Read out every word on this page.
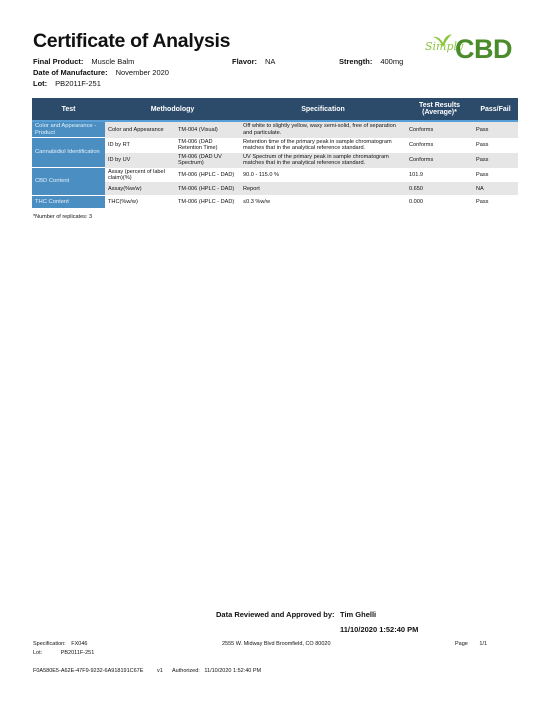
Certificate of Analysis	Simply
CBD
Final Product: Muscle Balm	Flavor: NA	Strength: 400mg
Date of Manufacture: November 2020
Lot: PB2011F-251
Test	Methodology		Specification	Test Results (Average)*	Pass/Fail
Color and Appearance - Product	Color and Appearance	TM-004 (Visual)	Off white to slightly yellow, waxy semi-solid, free of separation and particulate.	Conforms	Pass
Cannabidiol Identification	ID by RT	TM-006 (DAD Retention Time)	Retention time of the primary peak in sample chromatogram matches that in the analytical reference standard.	Conforms	Pass
	ID by UV	TM-006 (DAD UV Spectrum)	UV Spectrum of the primary peak in sample chromatogram matches that in the analytical reference standard.	Conforms	Pass
CBD Content	Assay (percent of label claim)(%)	TM-006 (HPLC - DAD)	90.0 - 115.0 %	101.9	Pass
	Assay(%w/w)	TM-006 (HPLC - DAD)	Report	0.650	NA
THC Content	THC(%w/w)	TM-006 (HPLC - DAD)	≤0.3 %w/w	0.000	Pass
*Number of replicates: 3
Data Reviewed and Approved by: Tim Ghelli
11/10/2020 1:52:40 PM
Specification: FX046
Lot:	PB2011F-251
2555 W. Midway Blvd Broomfield, CO 80020	Page 1/1
F0A580E5-A62E-47F9-9232-6A918191C67E v1 Authorized: 11/10/2020 1:52:40 PM
